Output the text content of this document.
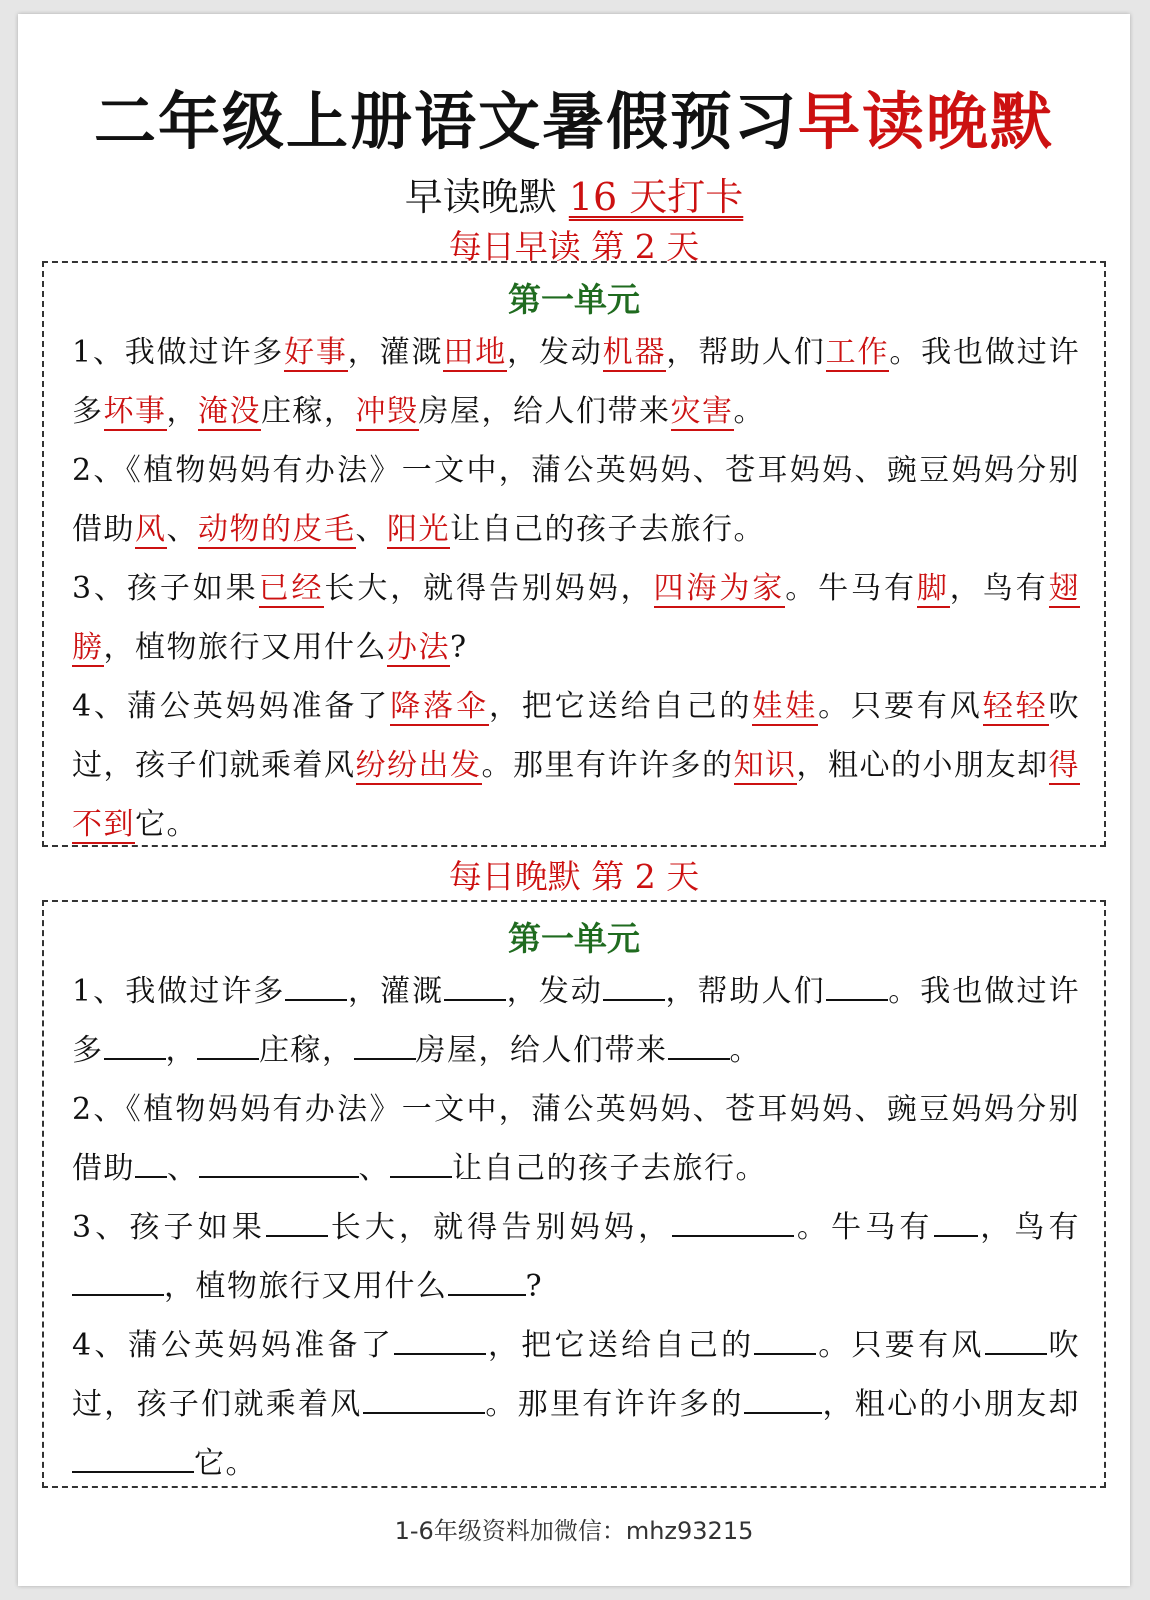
二年级上册语文暑假预习早读晚默
早读晚默 16 天打卡
每日早读 第 2 天
第一单元
1、我做过许多好事，灌溉田地，发动机器，帮助人们工作。我也做过许多坏事，淹没庄稼，冲毁房屋，给人们带来灾害。
2、《植物妈妈有办法》一文中，蒲公英妈妈、苍耳妈妈、豌豆妈妈分别借助风、动物的皮毛、阳光让自己的孩子去旅行。
3、孩子如果已经长大，就得告别妈妈，四海为家。牛马有脚，鸟有翅膀，植物旅行又用什么办法?
4、蒲公英妈妈准备了降落伞，把它送给自己的娃娃。只要有风轻轻吹过，孩子们就乘着风纷纷出发。那里有许许多的知识，粗心的小朋友却得不到它。
每日晚默 第 2 天
第一单元
1、我做过许多 ，灌溉 ，发动 ，帮助人们 。我也做过许多 ， 庄稼， 房屋，给人们带来 。
2、《植物妈妈有办法》一文中，蒲公英妈妈、苍耳妈妈、豌豆妈妈分别借助 、	、 让自己的孩子去旅行。
3、孩子如果 长大，就得告别妈妈，	。牛马有 ，鸟有，植物旅行又用什么	?
4、蒲公英妈妈准备了	，把它送给自己的 。只要有风 吹过，孩子们就乘着风	。那里有许许多的	，粗心的小朋友却它。
1-6年级资料加微信：mhz93215
